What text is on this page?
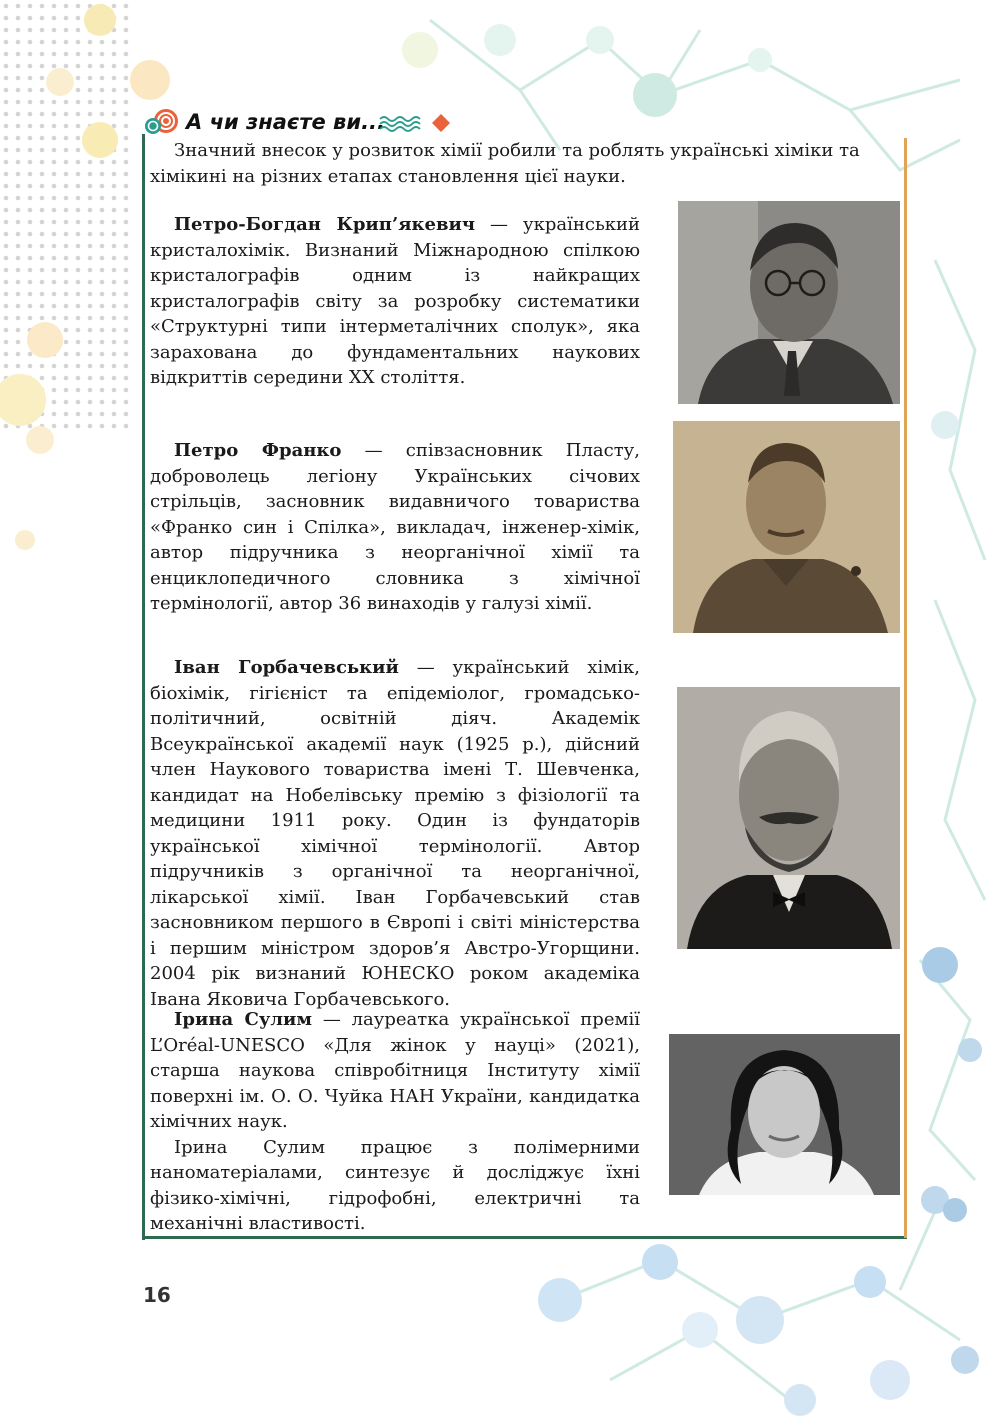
А чи знаєте ви...

Значний внесок у розвиток хімії робили та роблять українські хіміки та хімікині на різних етапах становлення цієї науки.

Петро-Богдан Крип’якевич — український кристалохімік. Визнаний Міжнародною спілкою кристалографів одним із найкращих кристалографів світу за розробку систематики «Структурні типи інтерметалічних сполук», яка зарахована до фундаментальних наукових відкриттів середини ХХ століття.

Петро Франко — співзасновник Пласту, доброволець легіону Українських січових стрільців, засновник видавничого товариства «Франко син і Спілка», викладач, інженер-хімік, автор підручника з неорганічної хімії та енциклопедичного словника з хімічної термінології, автор 36 винаходів у галузі хімії.

Іван Горбачевський — український хімік, біохімік, гігієніст та епідеміолог, громадсько-політичний, освітній діяч. Академік Всеукраїнської академії наук (1925 р.), дійсний член Наукового товариства імені Т. Шевченка, кандидат на Нобелівську премію з фізіології та медицини 1911 року. Один із фундаторів української хімічної термінології. Автор підручників з органічної та неорганічної, лікарської хімії. Іван Горбачевський став засновником першого в Європі і світі міністерства і першим міністром здоров’я Австро-Угорщини. 2004 рік визнаний ЮНЕСКО роком академіка Івана Яковича Горбачевського.

Ірина Сулим — лауреатка української премії L’Oréal-UNESCO «Для жінок у науці» (2021), старша наукова співробітниця Інституту хімії поверхні ім. О. О. Чуйка НАН України, кандидатка хімічних наук.

Ірина Сулим працює з полімерними наноматеріалами, синтезує й досліджує їхні фізико-хімічні, гідрофобні, електричні та механічні властивості.

16
